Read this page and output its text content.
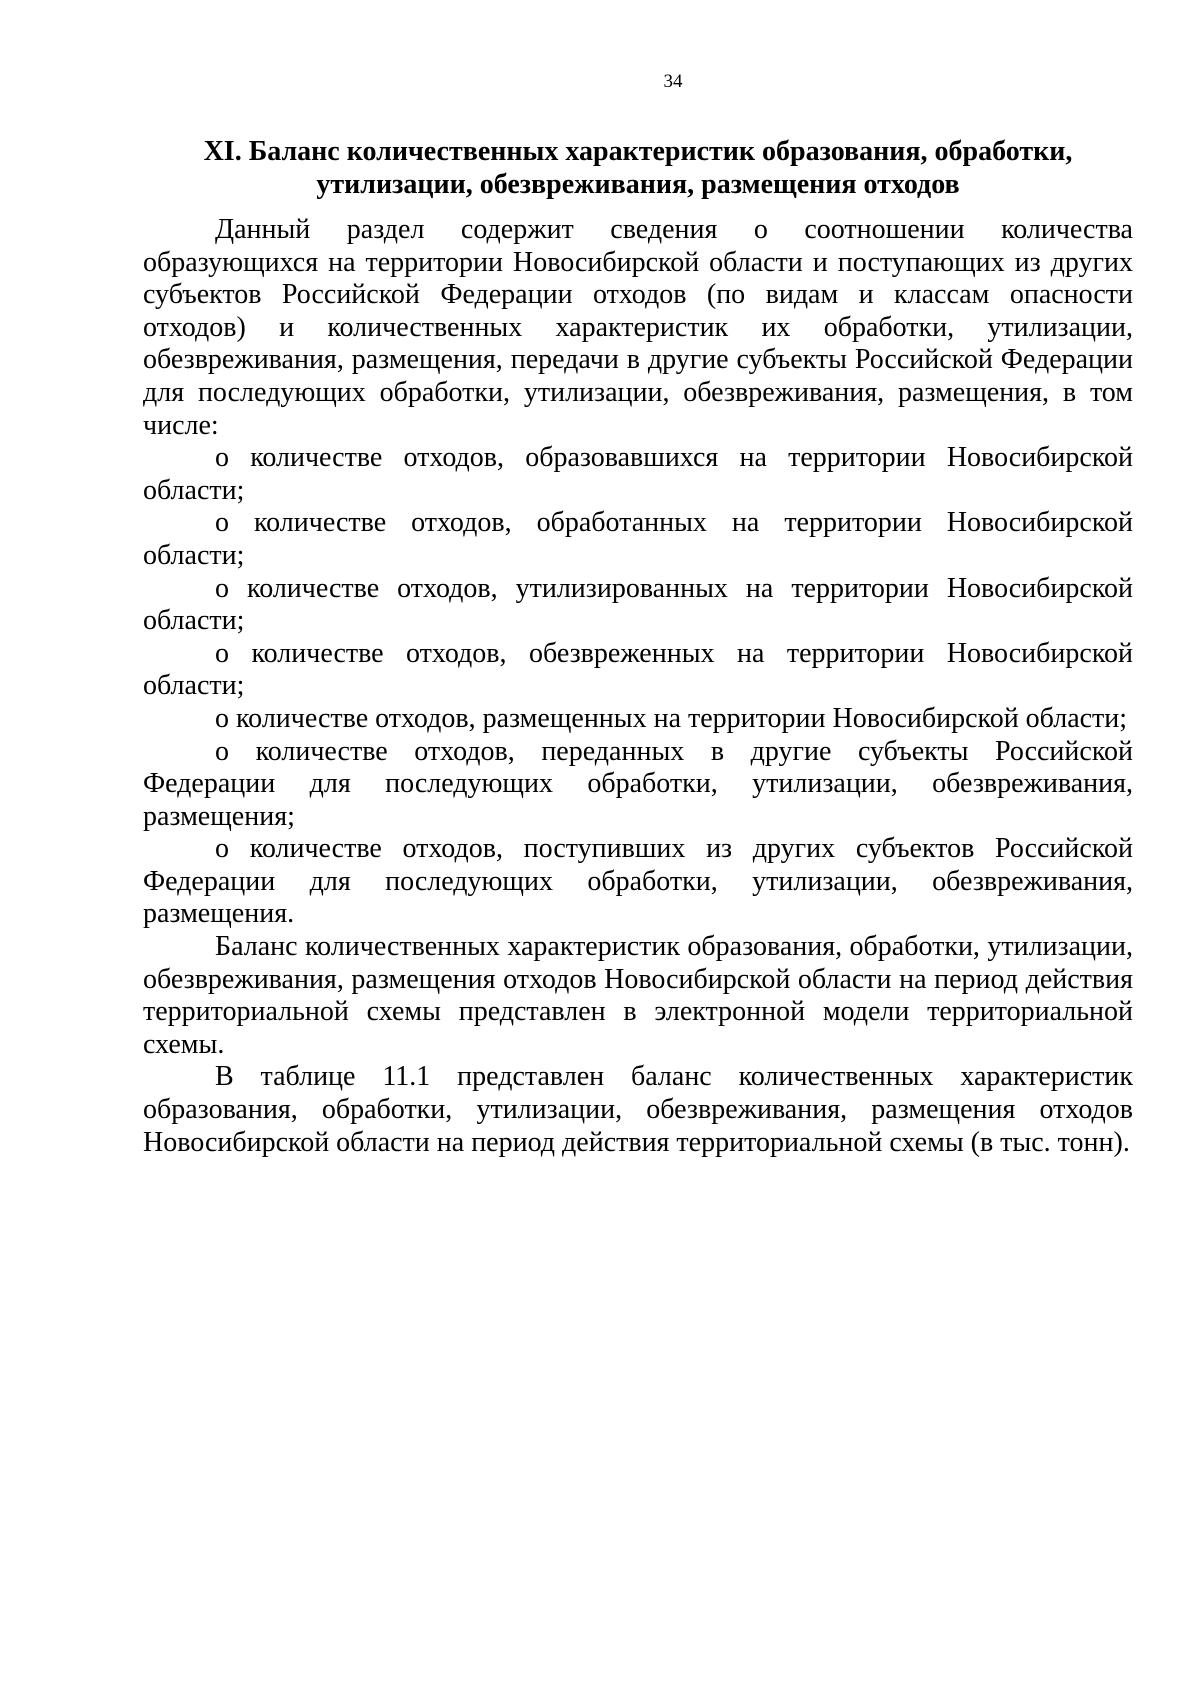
34
XI. Баланс количественных характеристик образования, обработки,
утилизации, обезвреживания, размещения отходов

Данный раздел содержит сведения о соотношении количества образующихся на территории Новосибирской области и поступающих из других субъектов Российской Федерации отходов (по видам и классам опасности отходов) и количественных характеристик их обработки, утилизации, обезвреживания, размещения, передачи в другие субъекты Российской Федерации для последующих обработки, утилизации, обезвреживания, размещения, в том числе:

о количестве отходов, образовавшихся на территории Новосибирской области;

о количестве отходов, обработанных на территории Новосибирской области;

о количестве отходов, утилизированных на территории Новосибирской области;

о количестве отходов, обезвреженных на территории Новосибирской области;

о количестве отходов, размещенных на территории Новосибирской области;

о количестве отходов, переданных в другие субъекты Российской Федерации для последующих обработки, утилизации, обезвреживания, размещения;

о количестве отходов, поступивших из других субъектов Российской Федерации для последующих обработки, утилизации, обезвреживания, размещения.

Баланс количественных характеристик образования, обработки, утилизации, обезвреживания, размещения отходов Новосибирской области на период действия территориальной схемы представлен в электронной модели территориальной схемы.

В таблице 11.1 представлен баланс количественных характеристик образования, обработки, утилизации, обезвреживания, размещения отходов Новосибирской области на период действия территориальной схемы (в тыс. тонн).
